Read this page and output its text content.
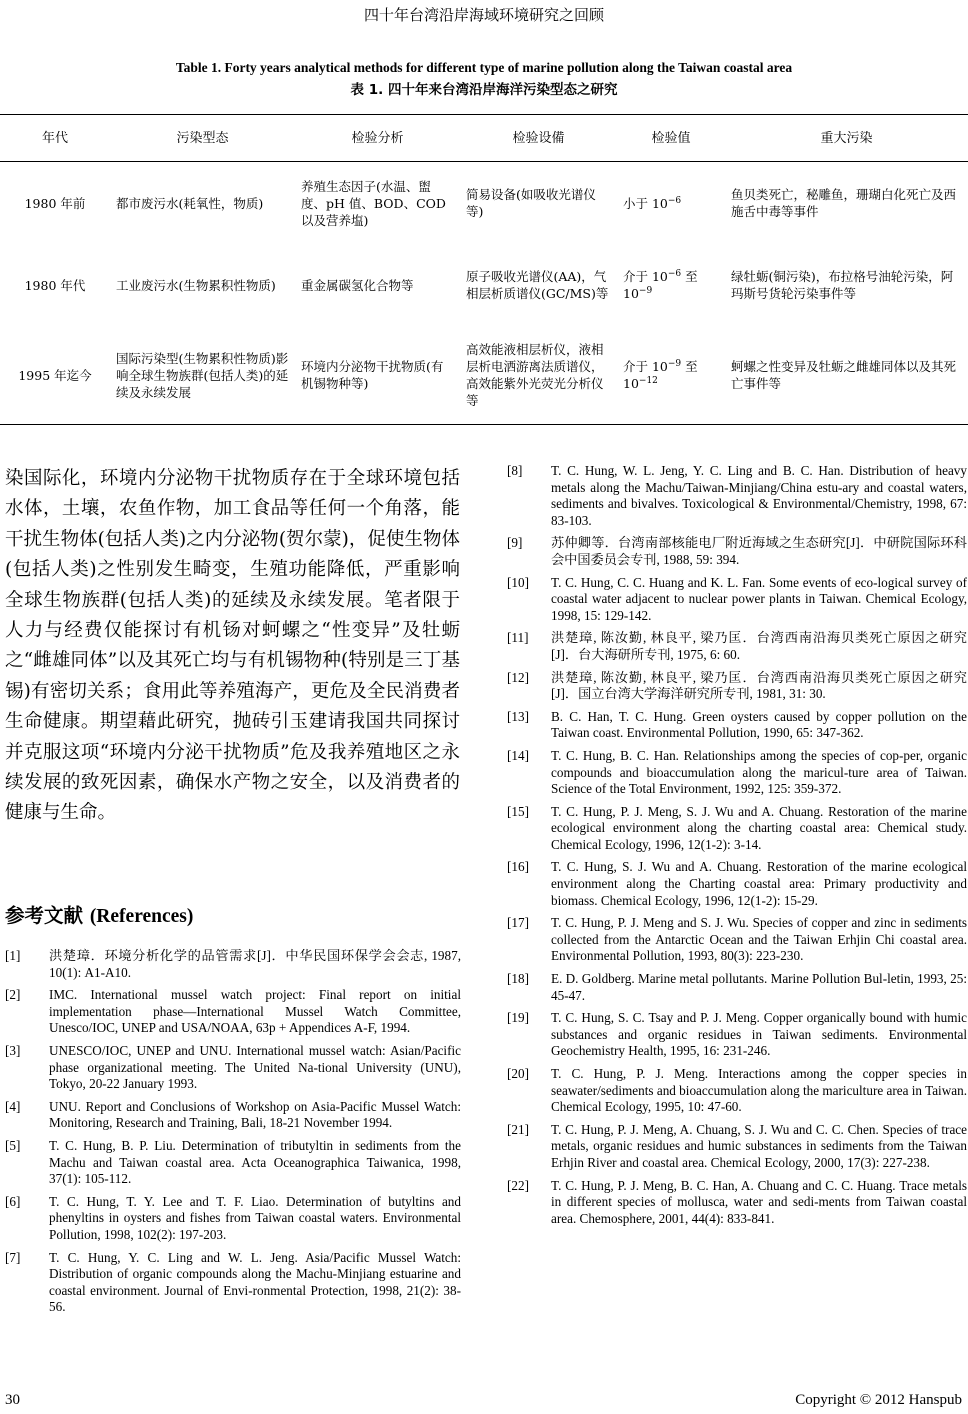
四十年台湾沿岸海域环境研究之回顾
Table 1. Forty years analytical methods for different type of marine pollution along the Taiwan coastal area
表 1. 四十年来台湾沿岸海洋污染型态之研究
年代	污染型态	检验分析	检验设備	检验值	重大污染
1980 年前	都市废污水(耗氧性，物质)	养殖生态因子(水温、盥度、pH 值、BOD、COD 以及营养塩)	简易设备(如吸收光谱仪等)	小于 $10^{-6}$	鱼贝类死亡，秘雕鱼，珊瑚白化死亡及西施舌中毒等事件
1980 年代	工业废污水(生物累积性物质)	重金属碳氢化合物等	原子吸收光谱仪(AA)，气相层析质谱仪(GC/MS)等	介于 $10^{-6}$ 至 $10^{-9}$	绿牡蛎(铜污染)，布拉格号油轮污染，阿玛斯号货轮污染事件等
1995 年迄今	国际污染型(生物累积性物质)影响全球生物族群(包括人类)的延续及永续发展	环境内分泌物干扰物质(有机锡物种等)	高效能液相层析仪，液相层析电洒游离法质谱仪，高效能紫外光荧光分析仪等	介于 $10^{-9}$ 至 $10^{-12}$	蚵螺之性变异及牡蛎之雌雄同体以及其死亡事件等
染国际化，环境内分泌物干扰物质存在于全球环境包括水体，土壤，农鱼作物，加工食品等任何一个角落，能干扰生物体(包括人类)之内分泌物(贺尔蒙)，促使生物体(包括人类)之性别发生畸变，生殖功能降低，严重影响全球生物族群(包括人类)的延续及永续发展。笔者限于人力与经费仅能探讨有机钖对蚵螺之“性变异”及牡蛎之“雌雄同体”以及其死亡均与有机锡物种(特别是三丁基锡)有密切关系；食用此等养殖海产，更危及全民消费者生命健康。期望藉此研究，抛砖引玉建请我国共同探讨并克服这项“环境内分泌干扰物质”危及我养殖地区之永续发展的致死因素，确保水产物之安全，以及消费者的健康与生命。
参考文献 (References)
[1]	洪楚璋．环境分析化学的品管需求[J]．中华民国环保学会会志, 1987, 10(1): A1-A10.
[2]	IMC. International mussel watch project: Final report on initial implementation phase—International Mussel Watch Committee, Unesco/IOC, UNEP and USA/NOAA, 63p + Appendices A-F, 1994.
[3]	UNESCO/IOC, UNEP and UNU. International mussel watch: Asian/Pacific phase organizational meeting. The United Na-tional University (UNU), Tokyo, 20-22 January 1993.
[4]	UNU. Report and Conclusions of Workshop on Asia-Pacific Mussel Watch: Monitoring, Research and Training, Bali, 18-21 November 1994.
[5]	T. C. Hung, B. P. Liu. Determination of tributyltin in sediments from the Machu and Taiwan coastal area. Acta Oceanographica Taiwanica, 1998, 37(1): 105-112.
[6]	T. C. Hung, T. Y. Lee and T. F. Liao. Determination of butyltins and phenyltins in oysters and fishes from Taiwan coastal waters. Environmental Pollution, 1998, 102(2): 197-203.
[7]	T. C. Hung, Y. C. Ling and W. L. Jeng. Asia/Pacific Mussel Watch: Distribution of organic compounds along the Machu-Minjiang estuarine and coastal environment. Journal of Envi-ronmental Protection, 1998, 21(2): 38-56.
[8]	T. C. Hung, W. L. Jeng, Y. C. Ling and B. C. Han. Distribution of heavy metals along the Machu/Taiwan-Minjiang/China estu-ary and coastal waters, sediments and bivalves. Toxicological & Environmental/Chemistry, 1998, 67: 83-103.
[9]	苏仲卿等．台湾南部核能电厂附近海域之生态研究[J]．中研院国际环科会中国委员会专刊, 1988, 59: 394.
[10]	T. C. Hung, C. C. Huang and K. L. Fan. Some events of eco-logical survey of coastal water adjacent to nuclear power plants in Taiwan. Chemical Ecology, 1998, 15: 129-142.
[11]	洪楚璋, 陈汝勤, 林良平, 梁乃匡．台湾西南沿海贝类死亡原因之研究[J]．台大海研所专刊, 1975, 6: 60.
[12]	洪楚璋, 陈汝勤, 林良平, 梁乃匡．台湾西南沿海贝类死亡原因之研究[J]．国立台湾大学海洋研究所专刊, 1981, 31: 30.
[13]	B. C. Han, T. C. Hung. Green oysters caused by copper pollution on the Taiwan coast. Environmental Pollution, 1990, 65: 347-362.
[14]	T. C. Hung, B. C. Han. Relationships among the species of cop-per, organic compounds and bioaccumulation along the maricul-ture area of Taiwan. Science of the Total Environment, 1992, 125: 359-372.
[15]	T. C. Hung, P. J. Meng, S. J. Wu and A. Chuang. Restoration of the marine ecological environment along the charting coastal area: Chemical study. Chemical Ecology, 1996, 12(1-2): 3-14.
[16]	T. C. Hung, S. J. Wu and A. Chuang. Restoration of the marine ecological environment along the Charting coastal area: Primary productivity and biomass. Chemical Ecology, 1996, 12(1-2): 15-29.
[17]	T. C. Hung, P. J. Meng and S. J. Wu. Species of copper and zinc in sediments collected from the Antarctic Ocean and the Taiwan Erhjin Chi coastal area. Environmental Pollution, 1993, 80(3): 223-230.
[18]	E. D. Goldberg. Marine metal pollutants. Marine Pollution Bul-letin, 1993, 25: 45-47.
[19]	T. C. Hung, S. C. Tsay and P. J. Meng. Copper organically bound with humic substances and organic residues in Taiwan sediments. Environmental Geochemistry Health, 1995, 16: 231-246.
[20]	T. C. Hung, P. J. Meng. Interactions among the copper species in seawater/sediments and bioaccumulation along the mariculture area in Taiwan. Chemical Ecology, 1995, 10: 47-60.
[21]	T. C. Hung, P. J. Meng, A. Chuang, S. J. Wu and C. C. Chen. Species of trace metals, organic residues and humic substances in sediments from the Taiwan Erhjin River and coastal area. Chemical Ecology, 2000, 17(3): 227-238.
[22]	T. C. Hung, P. J. Meng, B. C. Han, A. Chuang and C. C. Huang. Trace metals in different species of mollusca, water and sedi-ments from Taiwan coastal area. Chemosphere, 2001, 44(4): 833-841.
30	Copyright © 2012 Hanspub
